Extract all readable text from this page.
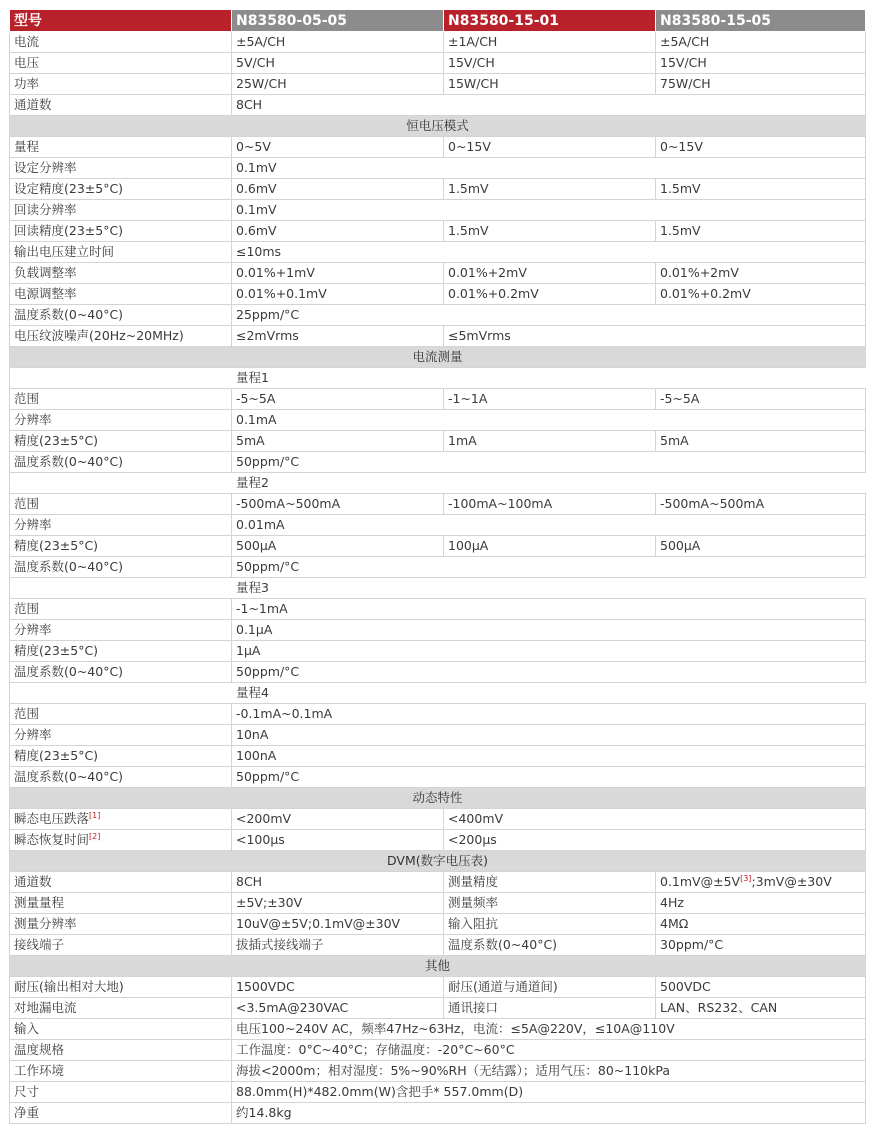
型号	N83580-05-05	N83580-15-01	N83580-15-05
电流	±5A/CH	±1A/CH	±5A/CH
电压	5V/CH	15V/CH	15V/CH
功率	25W/CH	15W/CH	75W/CH
通道数	8CH		
恒电压模式			
量程	0~5V	0~15V	0~15V
设定分辨率	0.1mV		
设定精度(23±5°C)	0.6mV	1.5mV	1.5mV
回读分辨率	0.1mV		
回读精度(23±5°C)	0.6mV	1.5mV	1.5mV
输出电压建立时间	≤10ms		
负载调整率	0.01%+1mV	0.01%+2mV	0.01%+2mV
电源调整率	0.01%+0.1mV	0.01%+0.2mV	0.01%+0.2mV
温度系数(0~40°C)	25ppm/°C		
电压纹波噪声(20Hz~20MHz)	≤2mVrms	≤5mVrms	
电流测量			
	量程1		
范围	-5~5A	-1~1A	-5~5A
分辨率	0.1mA		
精度(23±5°C)	5mA	1mA	5mA
温度系数(0~40°C)	50ppm/°C		
	量程2		
范围	-500mA~500mA	-100mA~100mA	-500mA~500mA
分辨率	0.01mA		
精度(23±5°C)	500μA	100μA	500μA
温度系数(0~40°C)	50ppm/°C		
	量程3		
范围	-1~1mA		
分辨率	0.1μA		
精度(23±5°C)	1μA		
温度系数(0~40°C)	50ppm/°C		
	量程4		
范围	-0.1mA~0.1mA		
分辨率	10nA		
精度(23±5°C)	100nA		
温度系数(0~40°C)	50ppm/°C		
动态特性			
瞬态电压跌落[1]	<200mV	<400mV	
瞬态恢复时间[2]	<100μs	<200μs	
DVM(数字电压表)			
通道数	8CH	测量精度	0.1mV@±5V[3];3mV@±30V
测量量程	±5V;±30V	测量频率	4Hz
测量分辨率	10uV@±5V;0.1mV@±30V	输入阻抗	4MΩ
接线端子	拔插式接线端子	温度系数(0~40°C)	30ppm/°C
其他			
耐压(输出相对大地)	1500VDC	耐压(通道与通道间)	500VDC
对地漏电流	<3.5mA@230VAC	通讯接口	LAN、RS232、CAN
输入	电压100~240V AC，频率47Hz~63Hz，电流：≤5A@220V，≤10A@110V		
温度规格	工作温度：0°C~40°C；存储温度：-20°C~60°C		
工作环境	海拔<2000m；相对湿度：5%~90%RH（无结露）；适用气压：80~110kPa		
尺寸	88.0mm(H)*482.0mm(W)含把手* 557.0mm(D)		
净重	约14.8kg		
